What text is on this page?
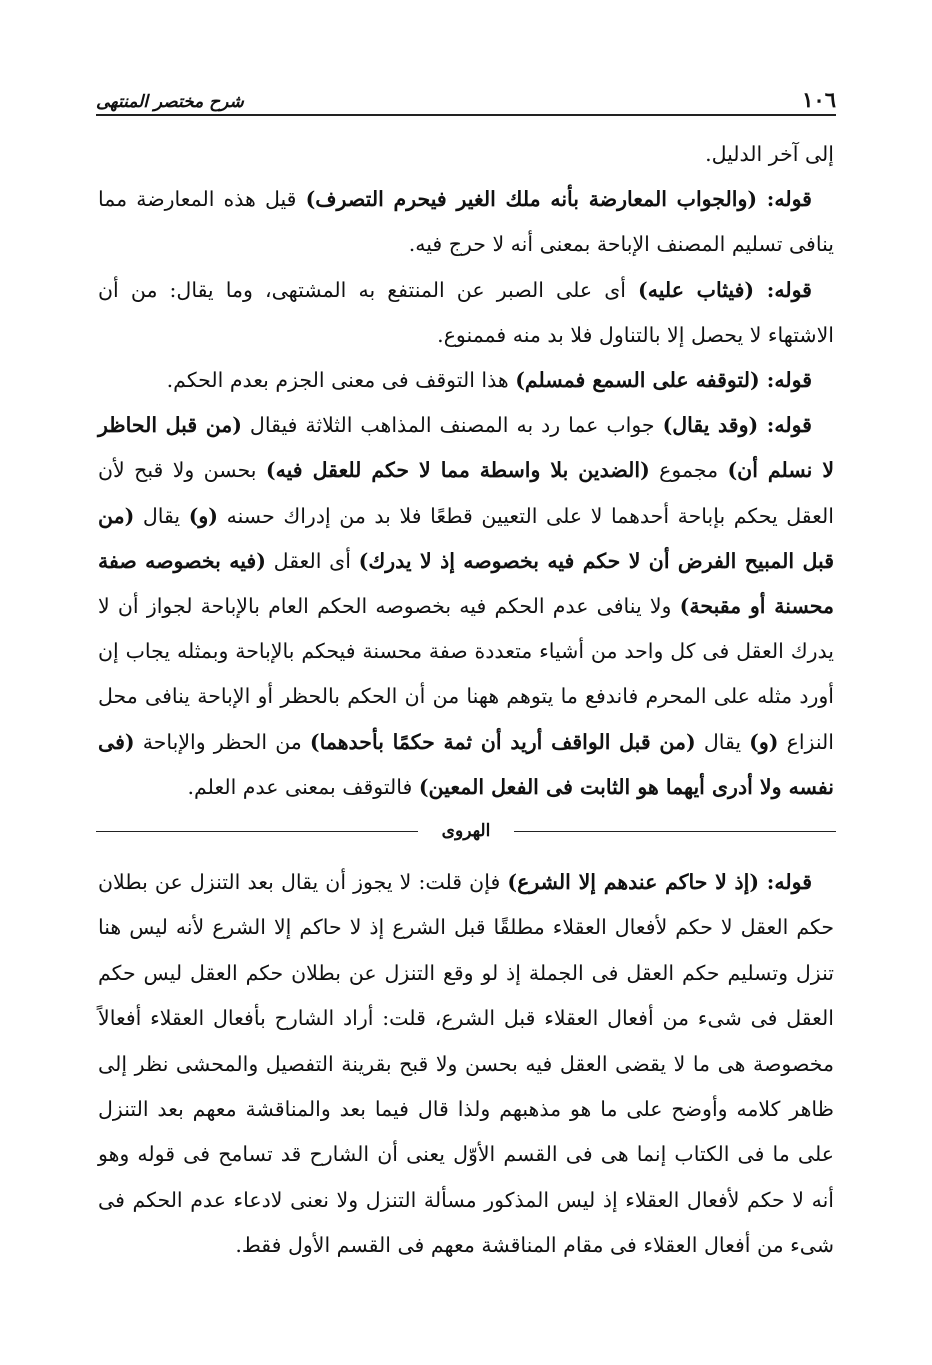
١٠٦
شرح مختصر المنتهى

إلى آخر الدليل.

قوله: (والجواب المعارضة بأنه ملك الغير فيحرم التصرف) قيل هذه المعارضة مما ينافى تسليم المصنف الإباحة بمعنى أنه لا حرج فيه.

قوله: (فيثاب عليه) أى على الصبر عن المنتفع به المشتهى، وما يقال: من أن الاشتهاء لا يحصل إلا بالتناول فلا بد منه فممنوع.

قوله: (لتوقفه على السمع فمسلم) هذا التوقف فى معنى الجزم بعدم الحكم.

قوله: (وقد يقال) جواب عما رد به المصنف المذاهب الثلاثة فيقال (من قبل الحاظر لا نسلم أن) مجموع (الضدين بلا واسطة مما لا حكم للعقل فيه) بحسن ولا قبح لأن العقل يحكم بإباحة أحدهما لا على التعيين قطعًا فلا بد من إدراك حسنه (و) يقال (من قبل المبيح الفرض أن لا حكم فيه بخصوصه إذ لا يدرك) أى العقل (فيه بخصوصه صفة محسنة أو مقبحة) ولا ينافى عدم الحكم فيه بخصوصه الحكم العام بالإباحة لجواز أن لا يدرك العقل فى كل واحد من أشياء متعددة صفة محسنة فيحكم بالإباحة وبمثله يجاب إن أورد مثله على المحرم فاندفع ما يتوهم ههنا من أن الحكم بالحظر أو الإباحة ينافى محل النزاع (و) يقال (من قبل الواقف أريد أن ثمة حكمًا بأحدهما) من الحظر والإباحة (فى نفسه ولا أدرى أيهما هو الثابت فى الفعل المعين) فالتوقف بمعنى عدم العلم.

الهروى

قوله: (إذ لا حاكم عندهم إلا الشرع) فإن قلت: لا يجوز أن يقال بعد التنزل عن بطلان حكم العقل لا حكم لأفعال العقلاء مطلقًا قبل الشرع إذ لا حاكم إلا الشرع لأنه ليس هنا تنزل وتسليم حكم العقل فى الجملة إذ لو وقع التنزل عن بطلان حكم العقل ليس حكم العقل فى شىء من أفعال العقلاء قبل الشرع، قلت: أراد الشارح بأفعال العقلاء أفعالاً مخصوصة هى ما لا يقضى العقل فيه بحسن ولا قبح بقرينة التفصيل والمحشى نظر إلى ظاهر كلامه وأوضح على ما هو مذهبهم ولذا قال فيما بعد والمناقشة معهم بعد التنزل على ما فى الكتاب إنما هى فى القسم الأوّل يعنى أن الشارح قد تسامح فى قوله وهو أنه لا حكم لأفعال العقلاء إذ ليس المذكور مسألة التنزل ولا نعنى لادعاء عدم الحكم فى شىء من أفعال العقلاء فى مقام المناقشة معهم فى القسم الأول فقط.
